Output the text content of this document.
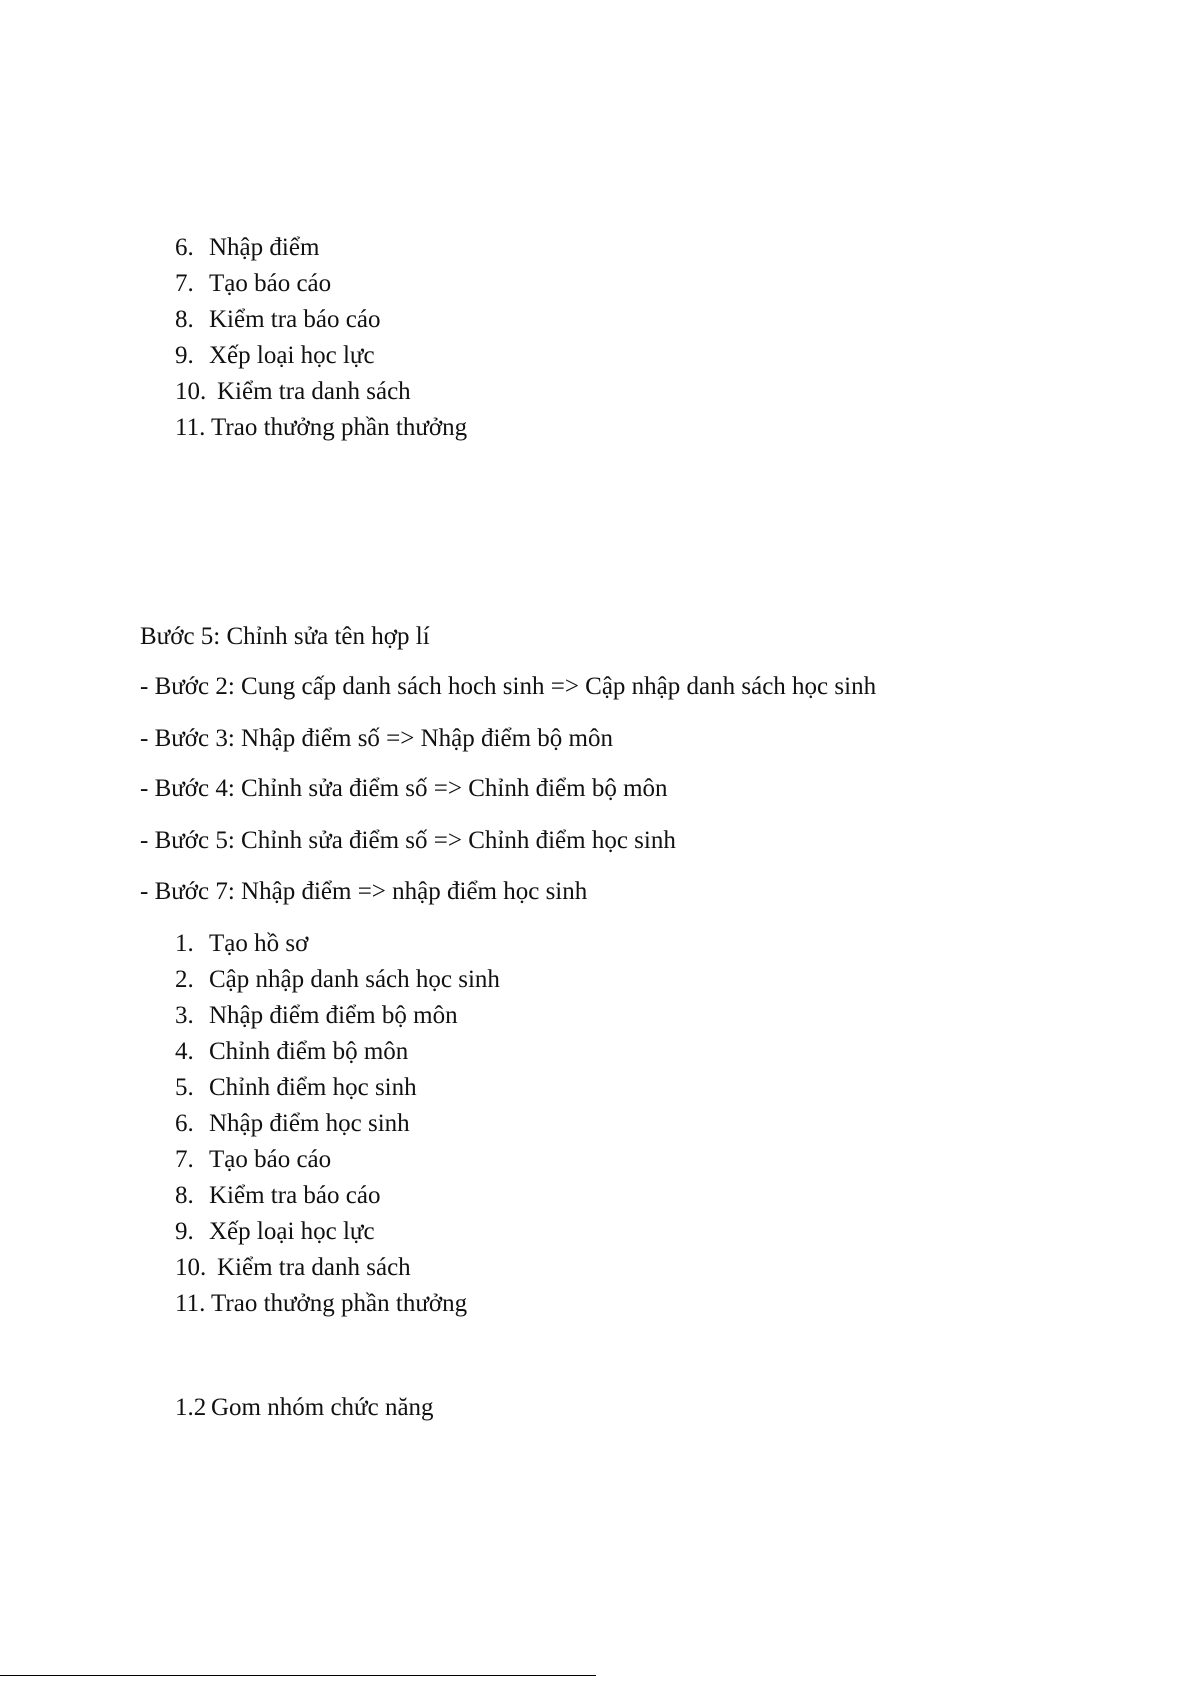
6. Nhập điểm
7. Tạo báo cáo
8. Kiểm tra báo cáo
9. Xếp loại học lực
10. Kiểm tra danh sách
11. Trao thưởng phần thưởng
Bước 5: Chỉnh sửa tên hợp lí
- Bước 2: Cung cấp danh sách hoch sinh => Cập nhập danh sách học sinh
- Bước 3: Nhập điểm số => Nhập điểm bộ môn
- Bước 4: Chỉnh sửa điểm số => Chỉnh điểm bộ môn
- Bước 5: Chỉnh sửa điểm số => Chỉnh điểm học sinh
- Bước 7: Nhập điểm => nhập điểm học sinh
1. Tạo hồ sơ
2. Cập nhập danh sách học sinh
3. Nhập điểm điểm bộ môn
4. Chỉnh điểm bộ môn
5. Chỉnh điểm học sinh
6. Nhập điểm học sinh
7. Tạo báo cáo
8. Kiểm tra báo cáo
9. Xếp loại học lực
10. Kiểm tra danh sách
11. Trao thưởng phần thưởng
1.2 Gom nhóm chức năng
